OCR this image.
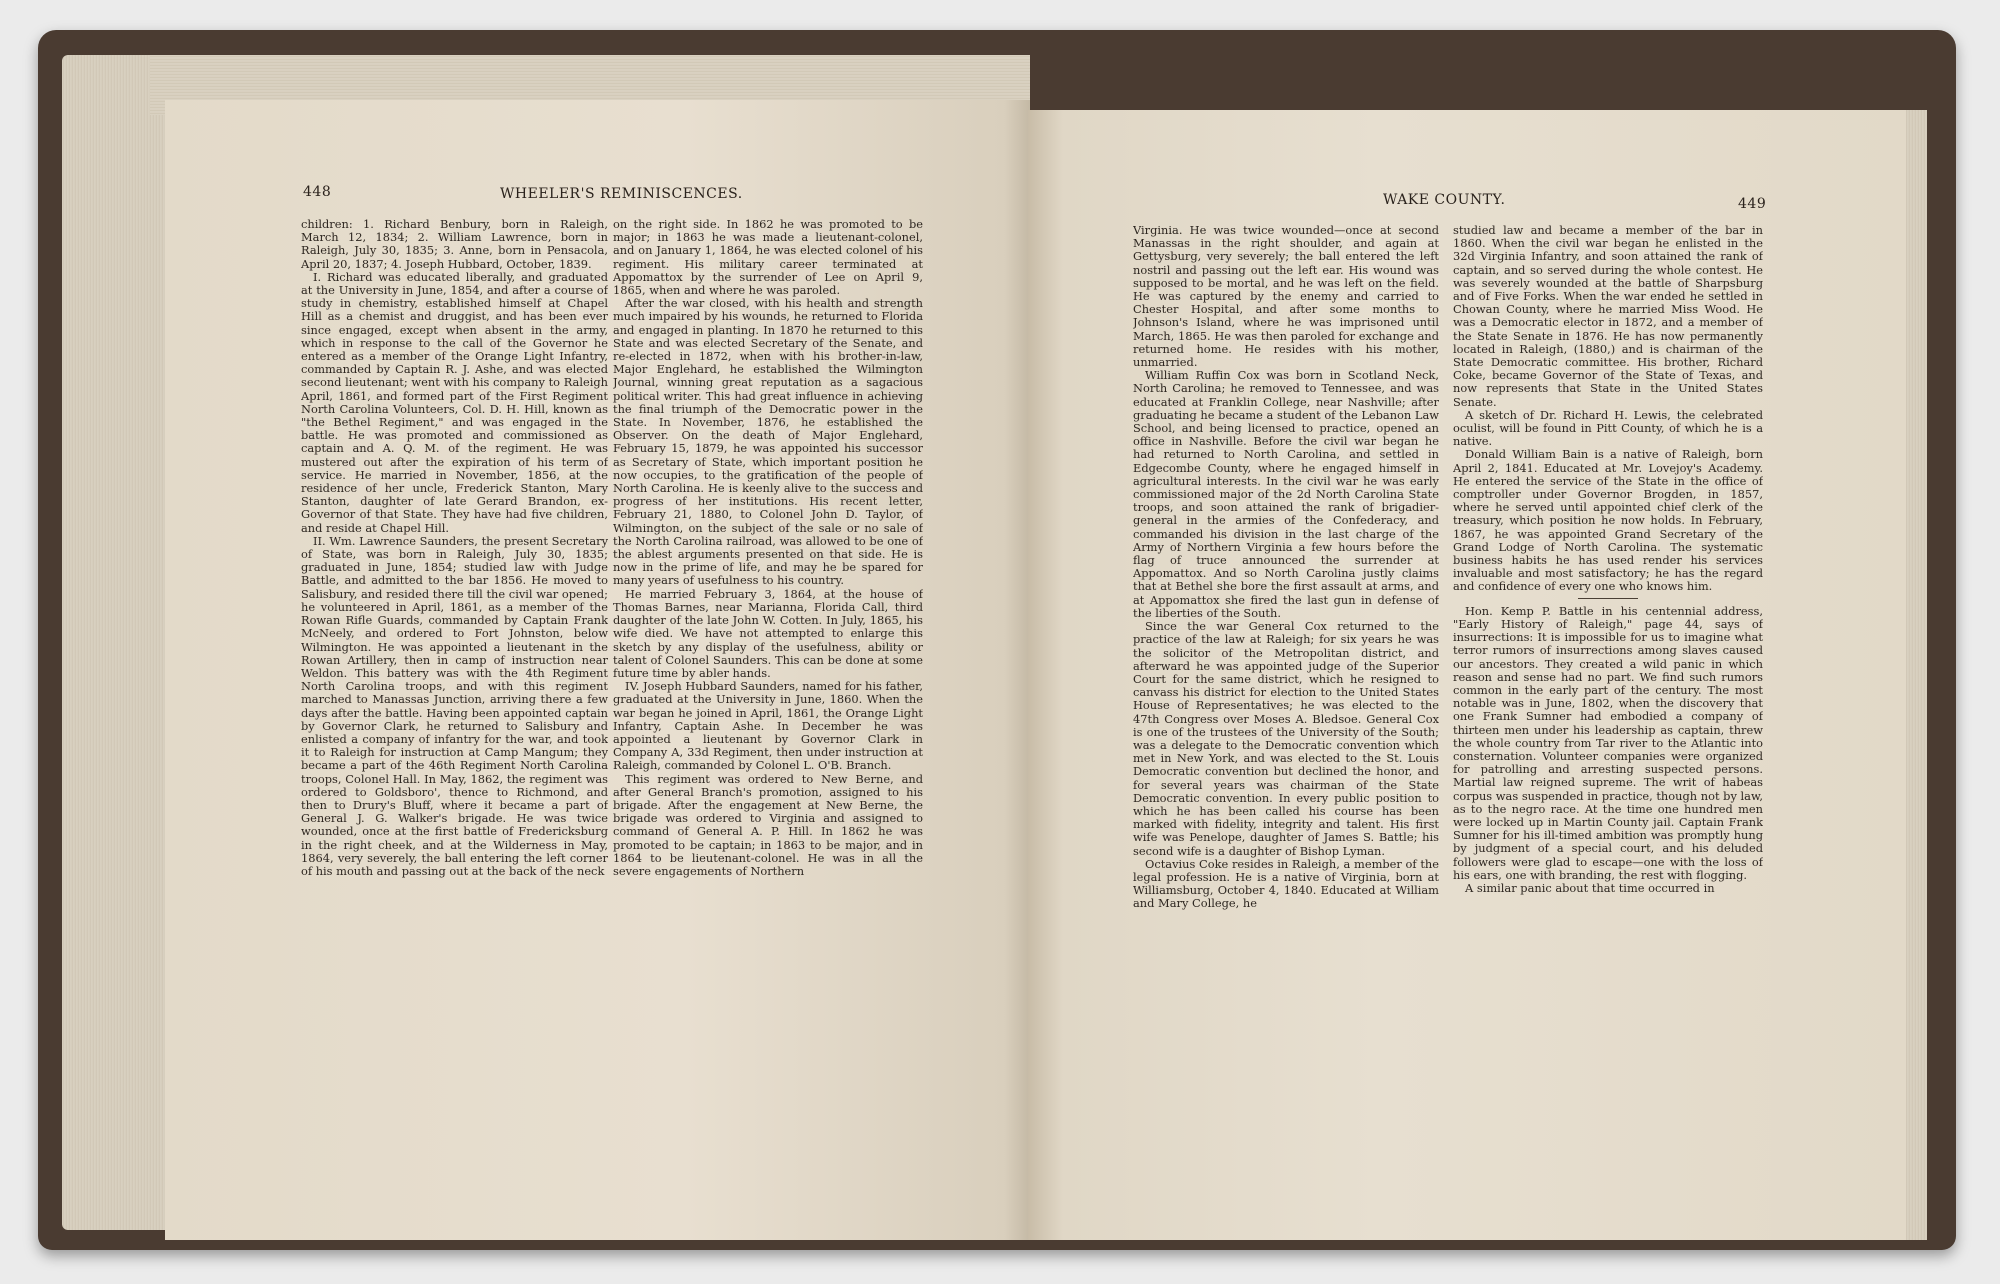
448	WHEELER'S REMINISCENCES.

children: 1. Richard Benbury, born in Raleigh, March 12, 1834; 2. William Lawrence, born in Raleigh, July 30, 1835; 3. Anne, born in Pensacola, April 20, 1837; 4. Joseph Hubbard, October, 1839.

I. Richard was educated liberally, and graduated at the University in June, 1854, and after a course of study in chemistry, established himself at Chapel Hill as a chemist and druggist, and has been ever since engaged, except when absent in the army, which in response to the call of the Governor he entered as a member of the Orange Light Infantry, commanded by Captain R. J. Ashe, and was elected second lieutenant; went with his company to Raleigh April, 1861, and formed part of the First Regiment North Carolina Volunteers, Col. D. H. Hill, known as "the Bethel Regiment," and was engaged in the battle. He was promoted and commissioned as captain and A. Q. M. of the regiment. He was mustered out after the expiration of his term of service. He married in November, 1856, at the residence of her uncle, Frederick Stanton, Mary Stanton, daughter of late Gerard Brandon, ex-Governor of that State. They have had five children, and reside at Chapel Hill.

II. Wm. Lawrence Saunders, the present Secretary of State, was born in Raleigh, July 30, 1835; graduated in June, 1854; studied law with Judge Battle, and admitted to the bar 1856. He moved to Salisbury, and resided there till the civil war opened; he volunteered in April, 1861, as a member of the Rowan Rifle Guards, commanded by Captain Frank McNeely, and ordered to Fort Johnston, below Wilmington. He was appointed a lieutenant in the Rowan Artillery, then in camp of instruction near Weldon. This battery was with the 4th Regiment North Carolina troops, and with this regiment marched to Manassas Junction, arriving there a few days after the battle. Having been appointed captain by Governor Clark, he returned to Salisbury and enlisted a company of infantry for the war, and took it to Raleigh for instruction at Camp Mangum; they became a part of the 46th Regiment North Carolina troops, Colonel Hall. In May, 1862, the regiment was ordered to Goldsboro', thence to Richmond, and then to Drury's Bluff, where it became a part of General J. G. Walker's brigade. He was twice wounded, once at the first battle of Fredericksburg in the right cheek, and at the Wilderness in May, 1864, very severely, the ball entering the left corner of his mouth and passing out at the back of the neck

on the right side. In 1862 he was promoted to be major; in 1863 he was made a lieutenant-colonel, and on January 1, 1864, he was elected colonel of his regiment. His military career terminated at Appomattox by the surrender of Lee on April 9, 1865, when and where he was paroled.

After the war closed, with his health and strength much impaired by his wounds, he returned to Florida and engaged in planting. In 1870 he returned to this State and was elected Secretary of the Senate, and re-elected in 1872, when with his brother-in-law, Major Englehard, he established the Wilmington Journal, winning great reputation as a sagacious political writer. This had great influence in achieving the final triumph of the Democratic power in the State. In November, 1876, he established the Observer. On the death of Major Englehard, February 15, 1879, he was appointed his successor as Secretary of State, which important position he now occupies, to the gratification of the people of North Carolina. He is keenly alive to the success and progress of her institutions. His recent letter, February 21, 1880, to Colonel John D. Taylor, of Wilmington, on the subject of the sale or no sale of the North Carolina railroad, was allowed to be one of the ablest arguments presented on that side. He is now in the prime of life, and may he be spared for many years of usefulness to his country.

He married February 3, 1864, at the house of Thomas Barnes, near Marianna, Florida Call, third daughter of the late John W. Cotten. In July, 1865, his wife died. We have not attempted to enlarge this sketch by any display of the usefulness, ability or talent of Colonel Saunders. This can be done at some future time by abler hands.

IV. Joseph Hubbard Saunders, named for his father, graduated at the University in June, 1860. When the war began he joined in April, 1861, the Orange Light Infantry, Captain Ashe. In December he was appointed a lieutenant by Governor Clark in Company A, 33d Regiment, then under instruction at Raleigh, commanded by Colonel L. O'B. Branch.

This regiment was ordered to New Berne, and after General Branch's promotion, assigned to his brigade. After the engagement at New Berne, the brigade was ordered to Virginia and assigned to command of General A. P. Hill. In 1862 he was promoted to be captain; in 1863 to be major, and in 1864 to be lieutenant-colonel. He was in all the severe engagements of Northern

WAKE COUNTY.	449

Virginia. He was twice wounded—once at second Manassas in the right shoulder, and again at Gettysburg, very severely; the ball entered the left nostril and passing out the left ear. His wound was supposed to be mortal, and he was left on the field. He was captured by the enemy and carried to Chester Hospital, and after some months to Johnson's Island, where he was imprisoned until March, 1865. He was then paroled for exchange and returned home. He resides with his mother, unmarried.

William Ruffin Cox was born in Scotland Neck, North Carolina; he removed to Tennessee, and was educated at Franklin College, near Nashville; after graduating he became a student of the Lebanon Law School, and being licensed to practice, opened an office in Nashville. Before the civil war began he had returned to North Carolina, and settled in Edgecombe County, where he engaged himself in agricultural interests. In the civil war he was early commissioned major of the 2d North Carolina State troops, and soon attained the rank of brigadier-general in the armies of the Confederacy, and commanded his division in the last charge of the Army of Northern Virginia a few hours before the flag of truce announced the surrender at Appomattox. And so North Carolina justly claims that at Bethel she bore the first assault at arms, and at Appomattox she fired the last gun in defense of the liberties of the South.

Since the war General Cox returned to the practice of the law at Raleigh; for six years he was the solicitor of the Metropolitan district, and afterward he was appointed judge of the Superior Court for the same district, which he resigned to canvass his district for election to the United States House of Representatives; he was elected to the 47th Congress over Moses A. Bledsoe. General Cox is one of the trustees of the University of the South; was a delegate to the Democratic convention which met in New York, and was elected to the St. Louis Democratic convention but declined the honor, and for several years was chairman of the State Democratic convention. In every public position to which he has been called his course has been marked with fidelity, integrity and talent. His first wife was Penelope, daughter of James S. Battle; his second wife is a daughter of Bishop Lyman.

Octavius Coke resides in Raleigh, a member of the legal profession. He is a native of Virginia, born at Williamsburg, October 4, 1840. Educated at William and Mary College, he

studied law and became a member of the bar in 1860. When the civil war began he enlisted in the 32d Virginia Infantry, and soon attained the rank of captain, and so served during the whole contest. He was severely wounded at the battle of Sharpsburg and of Five Forks. When the war ended he settled in Chowan County, where he married Miss Wood. He was a Democratic elector in 1872, and a member of the State Senate in 1876. He has now permanently located in Raleigh, (1880,) and is chairman of the State Democratic committee. His brother, Richard Coke, became Governor of the State of Texas, and now represents that State in the United States Senate.

A sketch of Dr. Richard H. Lewis, the celebrated oculist, will be found in Pitt County, of which he is a native.

Donald William Bain is a native of Raleigh, born April 2, 1841. Educated at Mr. Lovejoy's Academy. He entered the service of the State in the office of comptroller under Governor Brogden, in 1857, where he served until appointed chief clerk of the treasury, which position he now holds. In February, 1867, he was appointed Grand Secretary of the Grand Lodge of North Carolina. The systematic business habits he has used render his services invaluable and most satisfactory; he has the regard and confidence of every one who knows him.

Hon. Kemp P. Battle in his centennial address, "Early History of Raleigh," page 44, says of insurrections: It is impossible for us to imagine what terror rumors of insurrections among slaves caused our ancestors. They created a wild panic in which reason and sense had no part. We find such rumors common in the early part of the century. The most notable was in June, 1802, when the discovery that one Frank Sumner had embodied a company of thirteen men under his leadership as captain, threw the whole country from Tar river to the Atlantic into consternation. Volunteer companies were organized for patrolling and arresting suspected persons. Martial law reigned supreme. The writ of habeas corpus was suspended in practice, though not by law, as to the negro race. At the time one hundred men were locked up in Martin County jail. Captain Frank Sumner for his ill-timed ambition was promptly hung by judgment of a special court, and his deluded followers were glad to escape—one with the loss of his ears, one with branding, the rest with flogging.

A similar panic about that time occurred in
